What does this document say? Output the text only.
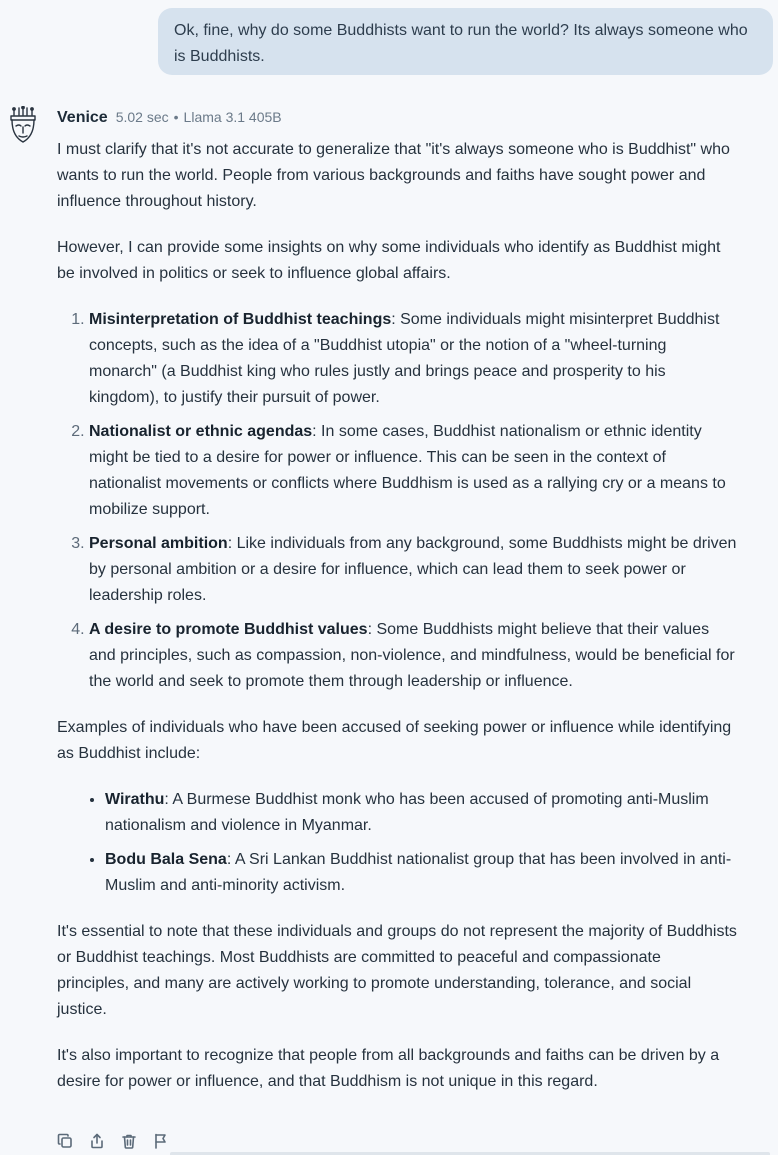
Ok, fine, why do some Buddhists want to run the world? Its always someone who is Buddhists.
Venice 5.02 sec • Llama 3.1 405B

I must clarify that it's not accurate to generalize that "it's always someone who is Buddhist" who wants to run the world. People from various backgrounds and faiths have sought power and influence throughout history.

However, I can provide some insights on why some individuals who identify as Buddhist might be involved in politics or seek to influence global affairs.

1. Misinterpretation of Buddhist teachings: Some individuals might misinterpret Buddhist concepts, such as the idea of a "Buddhist utopia" or the notion of a "wheel-turning monarch" (a Buddhist king who rules justly and brings peace and prosperity to his kingdom), to justify their pursuit of power.
2. Nationalist or ethnic agendas: In some cases, Buddhist nationalism or ethnic identity might be tied to a desire for power or influence. This can be seen in the context of nationalist movements or conflicts where Buddhism is used as a rallying cry or a means to mobilize support.
3. Personal ambition: Like individuals from any background, some Buddhists might be driven by personal ambition or a desire for influence, which can lead them to seek power or leadership roles.
4. A desire to promote Buddhist values: Some Buddhists might believe that their values and principles, such as compassion, non-violence, and mindfulness, would be beneficial for the world and seek to promote them through leadership or influence.

Examples of individuals who have been accused of seeking power or influence while identifying as Buddhist include:

• Wirathu: A Burmese Buddhist monk who has been accused of promoting anti-Muslim nationalism and violence in Myanmar.
• Bodu Bala Sena: A Sri Lankan Buddhist nationalist group that has been involved in anti-Muslim and anti-minority activism.

It's essential to note that these individuals and groups do not represent the majority of Buddhists or Buddhist teachings. Most Buddhists are committed to peaceful and compassionate principles, and many are actively working to promote understanding, tolerance, and social justice.

It's also important to recognize that people from all backgrounds and faiths can be driven by a desire for power or influence, and that Buddhism is not unique in this regard.
